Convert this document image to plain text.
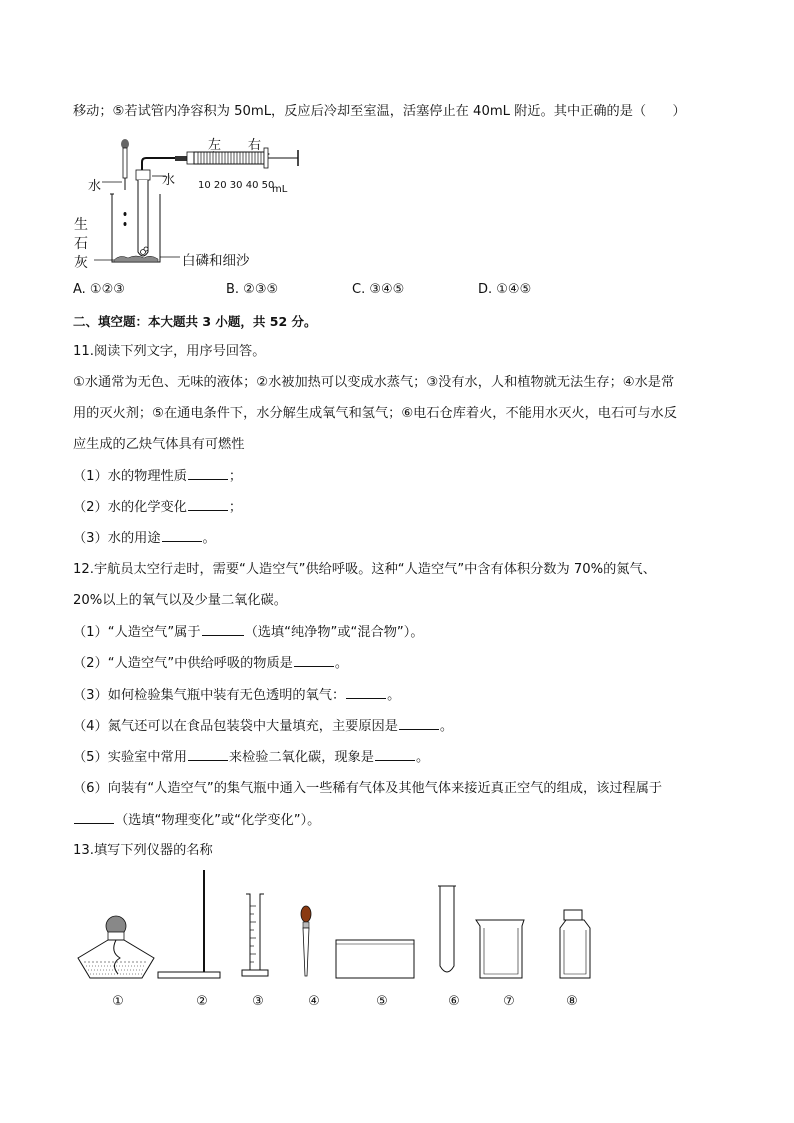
移动；⑤若试管内净容积为 50mL，反应后冷却至室温，活塞停止在 40mL 附近。其中正确的是（　　）
左 右
水	水 10 20 30 40 50
mL
生
石
灰	白磷和细沙
A. ①②③	B. ②③⑤	C. ③④⑤	D. ①④⑤
二、填空题：本大题共 3 小题，共 52 分。
11.阅读下列文字，用序号回答。
①水通常为无色、无味的液体；②水被加热可以变成水蒸气；③没有水，人和植物就无法生存；④水是常
用的灭火剂；⑤在通电条件下，水分解生成氧气和氢气；⑥电石仓库着火，不能用水灭火，电石可与水反
应生成的乙炔气体具有可燃性
（1）水的物理性质	；
（2）水的化学变化	；
（3）水的用途	。
12.宇航员太空行走时，需要“人造空气”供给呼吸。这种“人造空气”中含有体积分数为 70%的氮气、
20%以上的氧气以及少量二氧化碳。
（1）“人造空气”属于	（选填“纯净物”或“混合物”）。
（2）“人造空气”中供给呼吸的物质是	。
（3）如何检验集气瓶中装有无色透明的氧气：	。
（4）氮气还可以在食品包装袋中大量填充，主要原因是	。
（5）实验室中常用	来检验二氧化碳，现象是	。
（6）向装有“人造空气”的集气瓶中通入一些稀有气体及其他气体来接近真正空气的组成，该过程属于
（选填“物理变化”或“化学变化”）。
13.填写下列仪器的名称
①	②	③	④	⑤	⑥	⑦	⑧
